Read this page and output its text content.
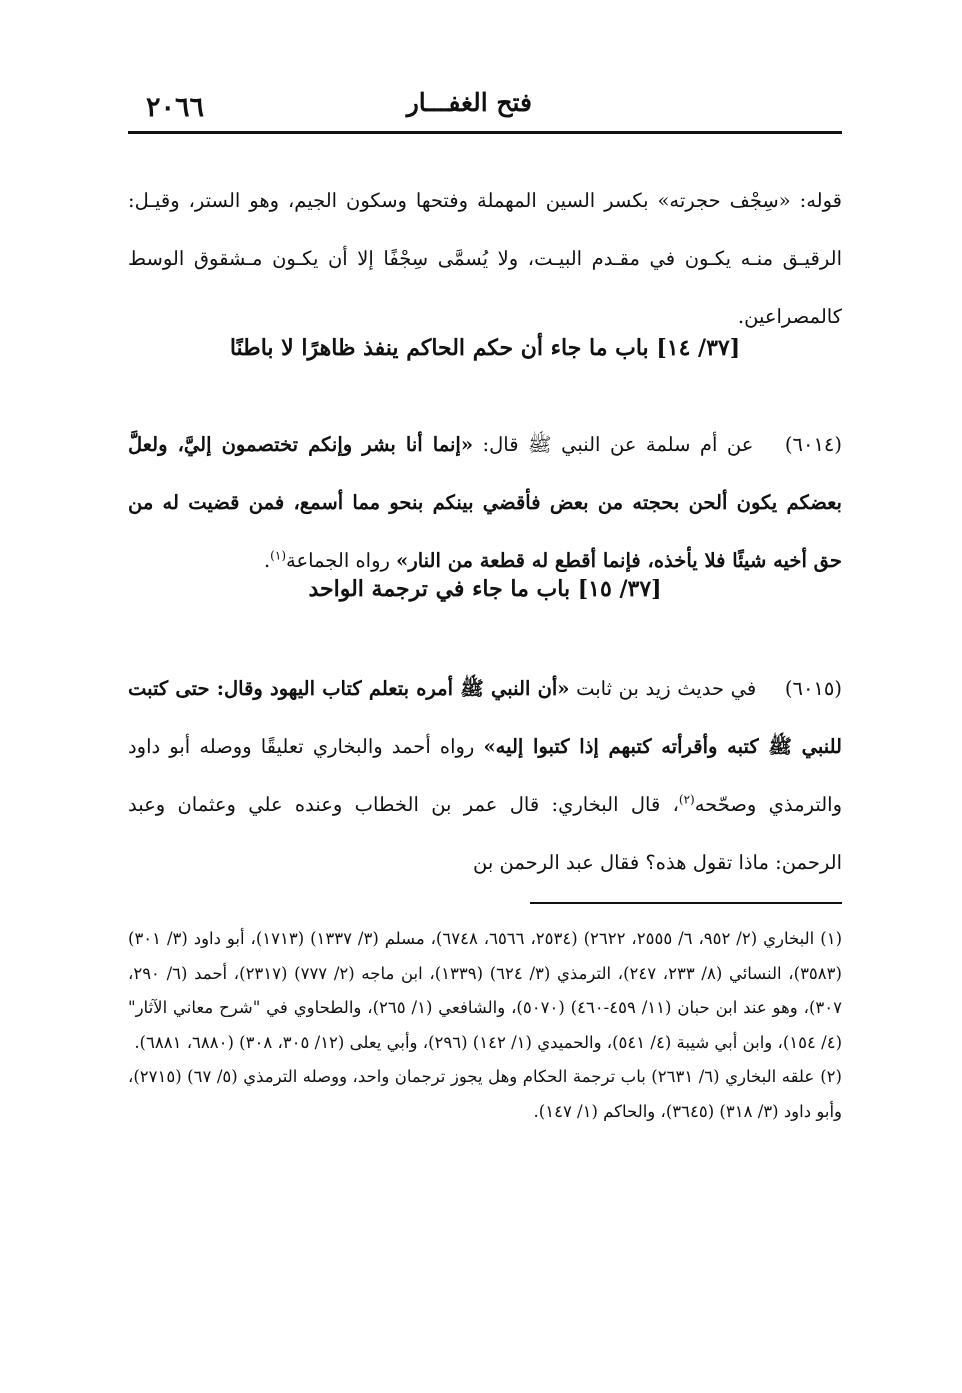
فتح الغفـــار
٢٠٦٦

قوله: «سِجْف حجرته» بكسر السين المهملة وفتحها وسكون الجيم، وهو الستر، وقيـل: الرقيـق منـه يكـون في مقـدم البيـت، ولا يُسمَّى سِجْفًا إلا أن يكـون مـشقوق الوسط كالمصراعين.

[٣٧/ ١٤] باب ما جاء أن حكم الحاكم ينفذ ظاهرًا لا باطنًا

(٦٠١٤) عن أم سلمة عن النبي ﷺ قال: «إنما أنا بشر وإنكم تختصمون إليَّ، ولعلَّ بعضكم يكون ألحن بحجته من بعض فأقضي بينكم بنحو مما أسمع، فمن قضيت له من حق أخيه شيئًا فلا يأخذه، فإنما أقطع له قطعة من النار» رواه الجماعة$^{(١)}$.

[٣٧/ ١٥] باب ما جاء في ترجمة الواحد

(٦٠١٥) في حديث زيد بن ثابت «أن النبي ﷺ أمره بتعلم كتاب اليهود وقال: حتى كتبت للنبي ﷺ كتبه وأقرأته كتبهم إذا كتبوا إليه» رواه أحمد والبخاري تعليقًا ووصله أبو داود والترمذي وصحّحه$^{(٢)}$، قال البخاري: قال عمر بن الخطاب وعنده علي وعثمان وعبد الرحمن: ماذا تقول هذه؟ فقال عبد الرحمن بن

(١)البخاري (٢/ ٩٥٢، ٦/ ٢٥٥٥، ٢٦٢٢) (٢٥٣٤، ٦٥٦٦، ٦٧٤٨)، مسلم (٣/ ١٣٣٧) (١٧١٣)، أبو داود (٣/ ٣٠١) (٣٥٨٣)، النسائي (٨/ ٢٣٣، ٢٤٧)، الترمذي (٣/ ٦٢٤) (١٣٣٩)، ابن ماجه (٢/ ٧٧٧) (٢٣١٧)، أحمد (٦/ ٢٩٠، ٣٠٧)، وهو عند ابن حبان (١١/ ٤٥٩-٤٦٠) (٥٠٧٠)، والشافعي (١/ ٢٦٥)، والطحاوي في "شرح معاني الآثار" (٤/ ١٥٤)، وابن أبي شيبة (٤/ ٥٤١)، والحميدي (١/ ١٤٢) (٢٩٦)، وأبي يعلى (١٢/ ٣٠٥، ٣٠٨) (٦٨٨٠، ٦٨٨١).

(٢)علقه البخاري (٦/ ٢٦٣١) باب ترجمة الحكام وهل يجوز ترجمان واحد، ووصله الترمذي (٥/ ٦٧) (٢٧١٥)، وأبو داود (٣/ ٣١٨) (٣٦٤٥)، والحاكم (١/ ١٤٧).
